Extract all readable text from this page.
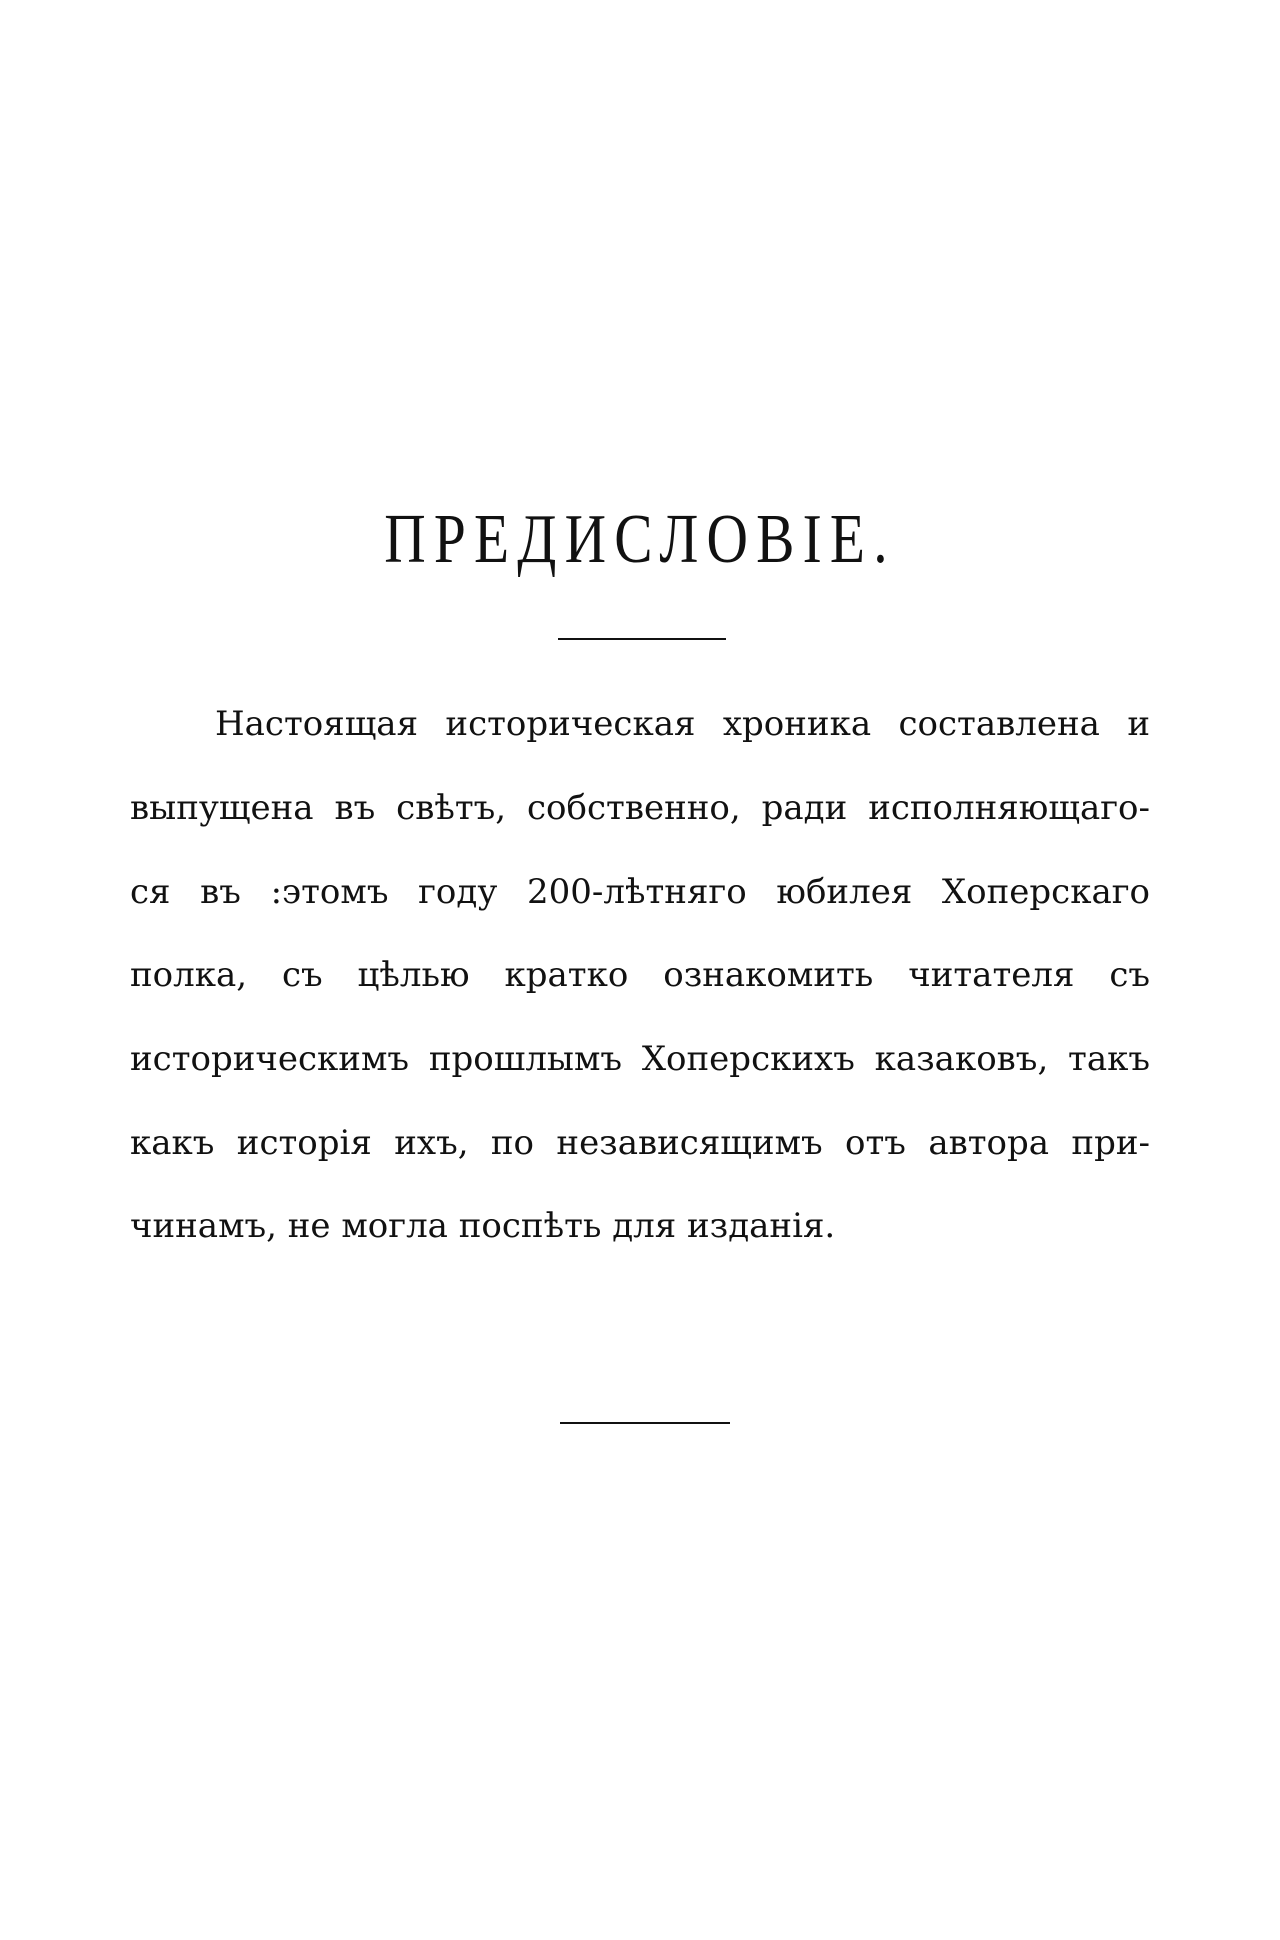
ПРЕДИСЛОВІЕ.
Настоящая историческая хроника составлена и
выпущена въ свѣтъ, собственно, ради исполняющаго-
ся въ :этомъ году 200-лѣтняго юбилея Хоперскаго
полка, съ цѣлью кратко ознакомить читателя съ
историческимъ прошлымъ Хоперскихъ казаковъ, такъ
какъ исторія ихъ, по независящимъ отъ автора при-
чинамъ, не могла поспѣть для изданія.
